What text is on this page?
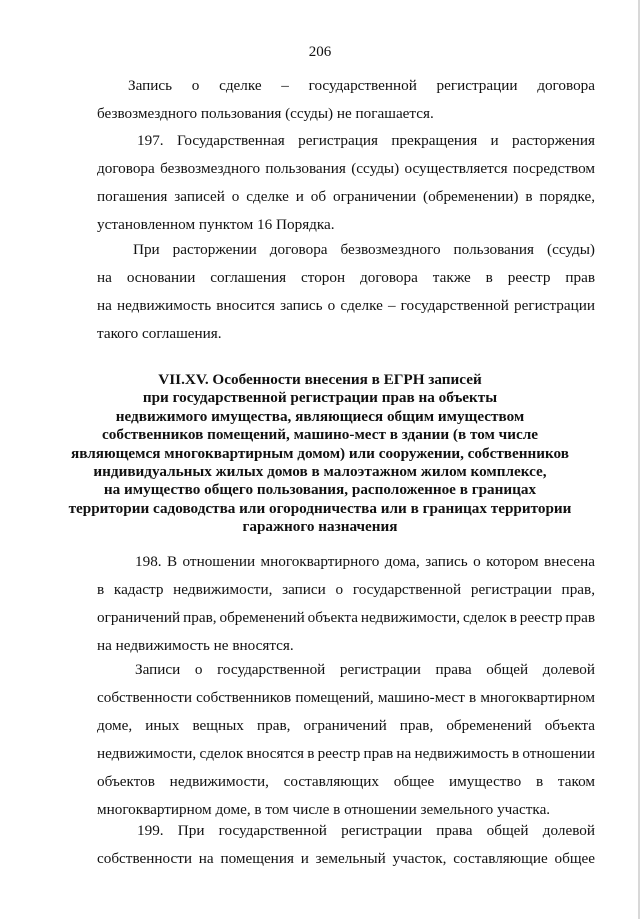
206
Запись о сделке – государственной регистрации договора
безвозмездного пользования (ссуды) не погашается.
197. Государственная регистрация прекращения и расторжения
договора безвозмездного пользования (ссуды) осуществляется посредством
погашения записей о сделке и об ограничении (обременении) в порядке,
установленном пунктом 16 Порядка.
При расторжении договора безвозмездного пользования (ссуды)
на основании соглашения сторон договора также в реестр прав
на недвижимость вносится запись о сделке – государственной регистрации
такого соглашения.
VII.XV. Особенности внесения в ЕГРН записей
при государственной регистрации прав на объекты
недвижимого имущества, являющиеся общим имуществом
собственников помещений, машино-мест в здании (в том числе
являющемся многоквартирным домом) или сооружении, собственников
индивидуальных жилых домов в малоэтажном жилом комплексе,
на имущество общего пользования, расположенное в границах
территории садоводства или огородничества или в границах территории
гаражного назначения
198. В отношении многоквартирного дома, запись о котором внесена
в кадастр недвижимости, записи о государственной регистрации прав,
ограничений прав, обременений объекта недвижимости, сделок в реестр прав
на недвижимость не вносятся.
Записи о государственной регистрации права общей долевой
собственности собственников помещений, машино-мест в многоквартирном
доме, иных вещных прав, ограничений прав, обременений объекта
недвижимости, сделок вносятся в реестр прав на недвижимость в отношении
объектов недвижимости, составляющих общее имущество в таком
многоквартирном доме, в том числе в отношении земельного участка.
199. При государственной регистрации права общей долевой
собственности на помещения и земельный участок, составляющие общее
